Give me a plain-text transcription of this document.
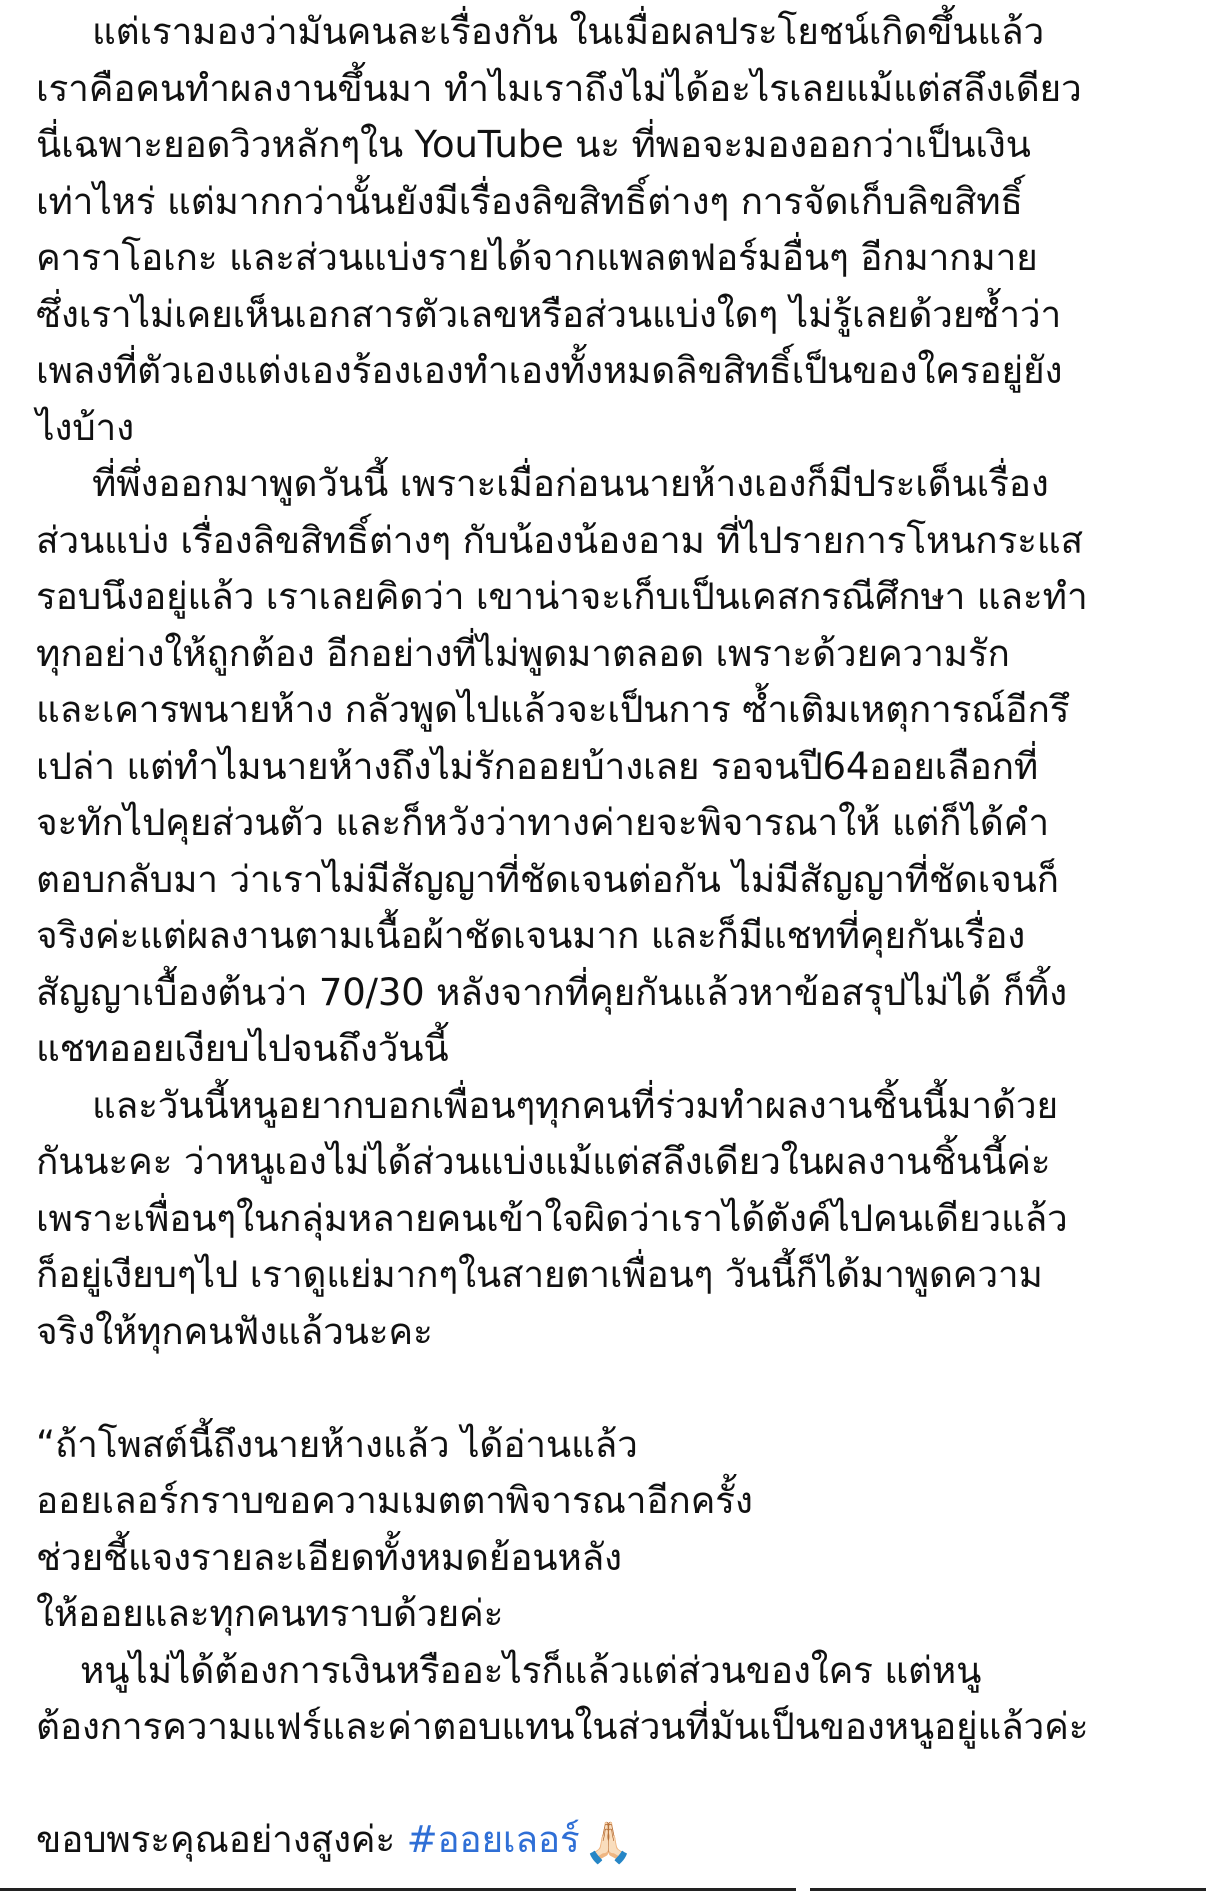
แต่เรามองว่ามันคนละเรื่องกัน ในเมื่อผลประโยชน์เกิดขึ้นแล้ว
เราคือคนทำผลงานขึ้นมา ทำไมเราถึงไม่ได้อะไรเลยแม้แต่สลึงเดียว
นี่เฉพาะยอดวิวหลักๆใน YouTube นะ ที่พอจะมองออกว่าเป็นเงิน
เท่าไหร่ แต่มากกว่านั้นยังมีเรื่องลิขสิทธิ์ต่างๆ การจัดเก็บลิขสิทธิ์
คาราโอเกะ และส่วนแบ่งรายได้จากแพลตฟอร์มอื่นๆ อีกมากมาย
ซึ่งเราไม่เคยเห็นเอกสารตัวเลขหรือส่วนแบ่งใดๆ ไม่รู้เลยด้วยซ้ำว่า
เพลงที่ตัวเองแต่งเองร้องเองทำเองทั้งหมดลิขสิทธิ์เป็นของใครอยู่ยัง
ไงบ้าง
ที่พึ่งออกมาพูดวันนี้ เพราะเมื่อก่อนนายห้างเองก็มีประเด็นเรื่อง
ส่วนแบ่ง เรื่องลิขสิทธิ์ต่างๆ กับน้องน้องอาม ที่ไปรายการโหนกระแส
รอบนึงอยู่แล้ว เราเลยคิดว่า เขาน่าจะเก็บเป็นเคสกรณีศึกษา และทำ
ทุกอย่างให้ถูกต้อง อีกอย่างที่ไม่พูดมาตลอด เพราะด้วยความรัก
และเคารพนายห้าง กลัวพูดไปแล้วจะเป็นการ ซ้ำเติมเหตุการณ์อีกรึ
เปล่า แต่ทำไมนายห้างถึงไม่รักออยบ้างเลย รอจนปี64ออยเลือกที่
จะทักไปคุยส่วนตัว และก็หวังว่าทางค่ายจะพิจารณาให้ แต่ก็ได้คำ
ตอบกลับมา ว่าเราไม่มีสัญญาที่ชัดเจนต่อกัน ไม่มีสัญญาที่ชัดเจนก็
จริงค่ะแต่ผลงานตามเนื้อผ้าชัดเจนมาก และก็มีแชทที่คุยกันเรื่อง
สัญญาเบื้องต้นว่า 70/30 หลังจากที่คุยกันแล้วหาข้อสรุปไม่ได้ ก็ทิ้ง
แชทออยเงียบไปจนถึงวันนี้
และวันนี้หนูอยากบอกเพื่อนๆทุกคนที่ร่วมทำผลงานชิ้นนี้มาด้วย
กันนะคะ ว่าหนูเองไม่ได้ส่วนแบ่งแม้แต่สลึงเดียวในผลงานชิ้นนี้ค่ะ
เพราะเพื่อนๆในกลุ่มหลายคนเข้าใจผิดว่าเราได้ตังค์ไปคนเดียวแล้ว
ก็อยู่เงียบๆไป เราดูแย่มากๆในสายตาเพื่อนๆ วันนี้ก็ได้มาพูดความ
จริงให้ทุกคนฟังแล้วนะคะ
“ถ้าโพสต์นี้ถึงนายห้างแล้ว ได้อ่านแล้ว
ออยเลอร์กราบขอความเมตตาพิจารณาอีกครั้ง
ช่วยชี้แจงรายละเอียดทั้งหมดย้อนหลัง
ให้ออยและทุกคนทราบด้วยค่ะ
หนูไม่ได้ต้องการเงินหรืออะไรก็แล้วแต่ส่วนของใคร แต่หนู
ต้องการความแฟร์และค่าตอบแทนในส่วนที่มันเป็นของหนูอยู่แล้วค่ะ
ขอบพระคุณอย่างสูงค่ะ #ออยเลอร์ 🙏🏻
